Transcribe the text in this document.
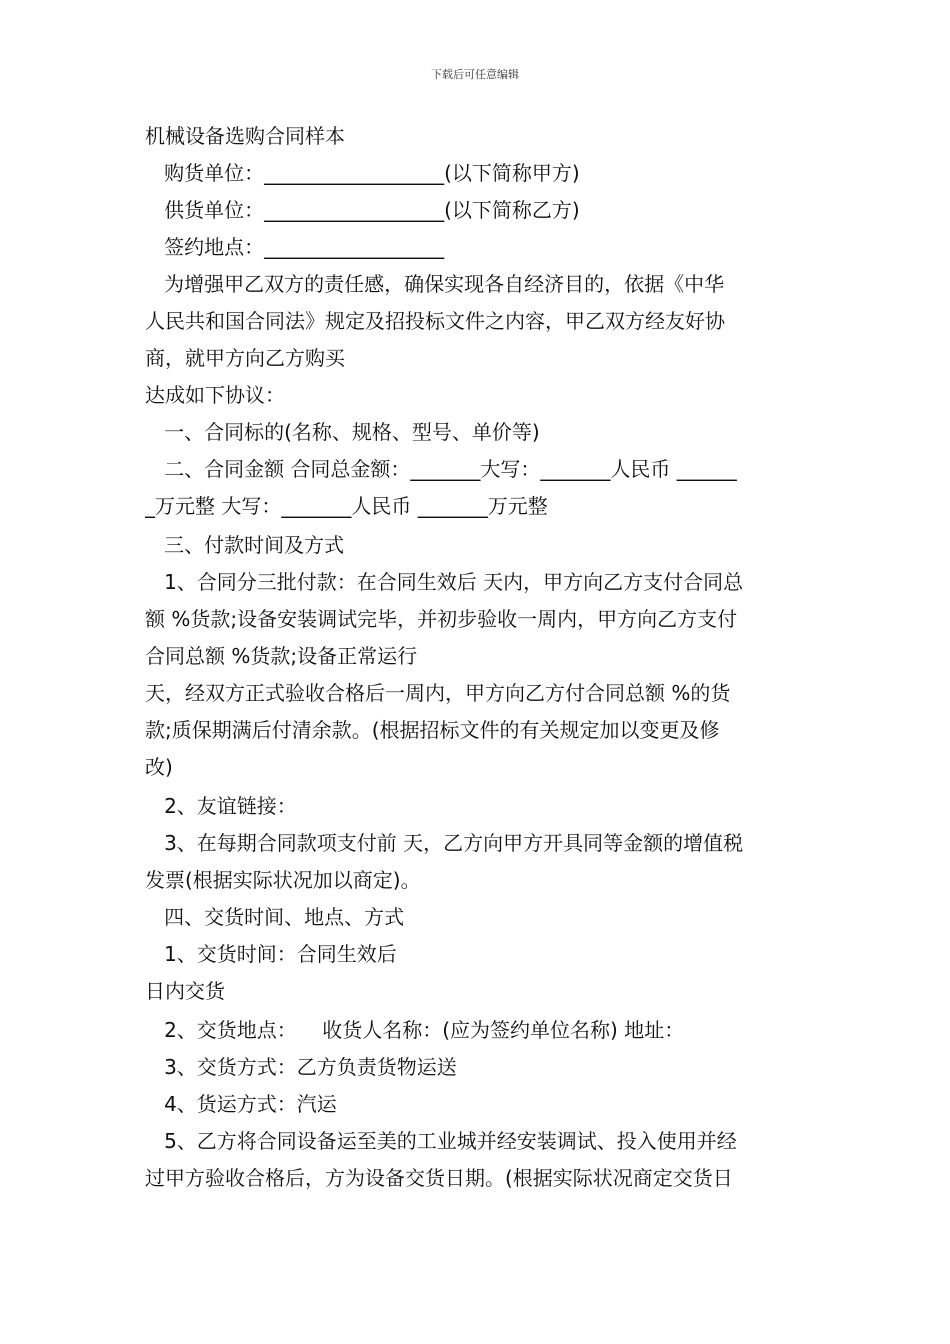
下载后可任意编辑
机械设备选购合同样本
购货单位：__________________(以下简称甲方)
供货单位：__________________(以下简称乙方)
签约地点：__________________
为增强甲乙双方的责任感，确保实现各自经济目的，依据《中华
人民共和国合同法》规定及招投标文件之内容，甲乙双方经友好协
商，就甲方向乙方购买
达成如下协议：
一、合同标的(名称、规格、型号、单价等)
二、合同金额 合同总金额：_______大写：_______人民币 ______
_万元整 大写：_______人民币 _______万元整
三、付款时间及方式
1、合同分三批付款：在合同生效后 天内，甲方向乙方支付合同总
额 %货款;设备安装调试完毕，并初步验收一周内，甲方向乙方支付
合同总额 %货款;设备正常运行
天，经双方正式验收合格后一周内，甲方向乙方付合同总额 %的货
款;质保期满后付清余款。(根据招标文件的有关规定加以变更及修
改)
2、友谊链接：
3、在每期合同款项支付前 天，乙方向甲方开具同等金额的增值税
发票(根据实际状况加以商定)。
四、交货时间、地点、方式
1、交货时间：合同生效后
日内交货
2、交货地点：    收货人名称：(应为签约单位名称) 地址：
3、交货方式：乙方负责货物运送
4、货运方式：汽运
5、乙方将合同设备运至美的工业城并经安装调试、投入使用并经
过甲方验收合格后，方为设备交货日期。(根据实际状况商定交货日
